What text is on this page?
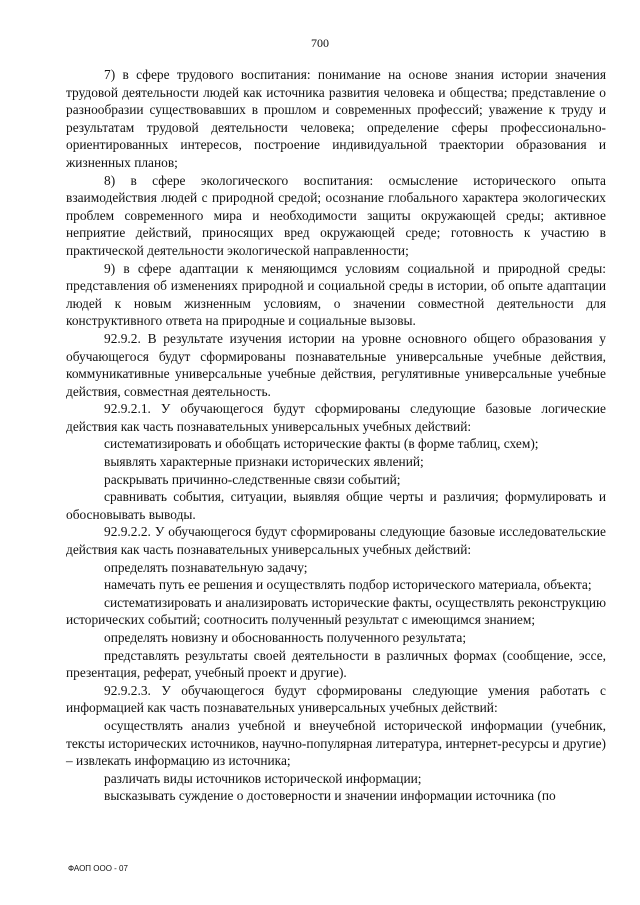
700

7) в сфере трудового воспитания: понимание на основе знания истории значения трудовой деятельности людей как источника развития человека и общества; представление о разнообразии существовавших в прошлом и современных профессий; уважение к труду и результатам трудовой деятельности человека; определение сферы профессионально-ориентированных интересов, построение индивидуальной траектории образования и жизненных планов;

8) в сфере экологического воспитания: осмысление исторического опыта взаимодействия людей с природной средой; осознание глобального характера экологических проблем современного мира и необходимости защиты окружающей среды; активное неприятие действий, приносящих вред окружающей среде; готовность к участию в практической деятельности экологической направленности;

9) в сфере адаптации к меняющимся условиям социальной и природной среды: представления об изменениях природной и социальной среды в истории, об опыте адаптации людей к новым жизненным условиям, о значении совместной деятельности для конструктивного ответа на природные и социальные вызовы.

92.9.2. В результате изучения истории на уровне основного общего образования у обучающегося будут сформированы познавательные универсальные учебные действия, коммуникативные универсальные учебные действия, регулятивные универсальные учебные действия, совместная деятельность.

92.9.2.1. У обучающегося будут сформированы следующие базовые логические действия как часть познавательных универсальных учебных действий:

систематизировать и обобщать исторические факты (в форме таблиц, схем);

выявлять характерные признаки исторических явлений;

раскрывать причинно-следственные связи событий;

сравнивать события, ситуации, выявляя общие черты и различия; формулировать и обосновывать выводы.

92.9.2.2. У обучающегося будут сформированы следующие базовые исследовательские действия как часть познавательных универсальных учебных действий:

определять познавательную задачу;

намечать путь ее решения и осуществлять подбор исторического материала, объекта;

систематизировать и анализировать исторические факты, осуществлять реконструкцию исторических событий; соотносить полученный результат с имеющимся знанием;

определять новизну и обоснованность полученного результата;

представлять результаты своей деятельности в различных формах (сообщение, эссе, презентация, реферат, учебный проект и другие).

92.9.2.3. У обучающегося будут сформированы следующие умения работать с информацией как часть познавательных универсальных учебных действий:

осуществлять анализ учебной и внеучебной исторической информации (учебник, тексты исторических источников, научно-популярная литература, интернет-ресурсы и другие) – извлекать информацию из источника;

различать виды источников исторической информации;

высказывать суждение о достоверности и значении информации источника (по

ФАОП ООО - 07
